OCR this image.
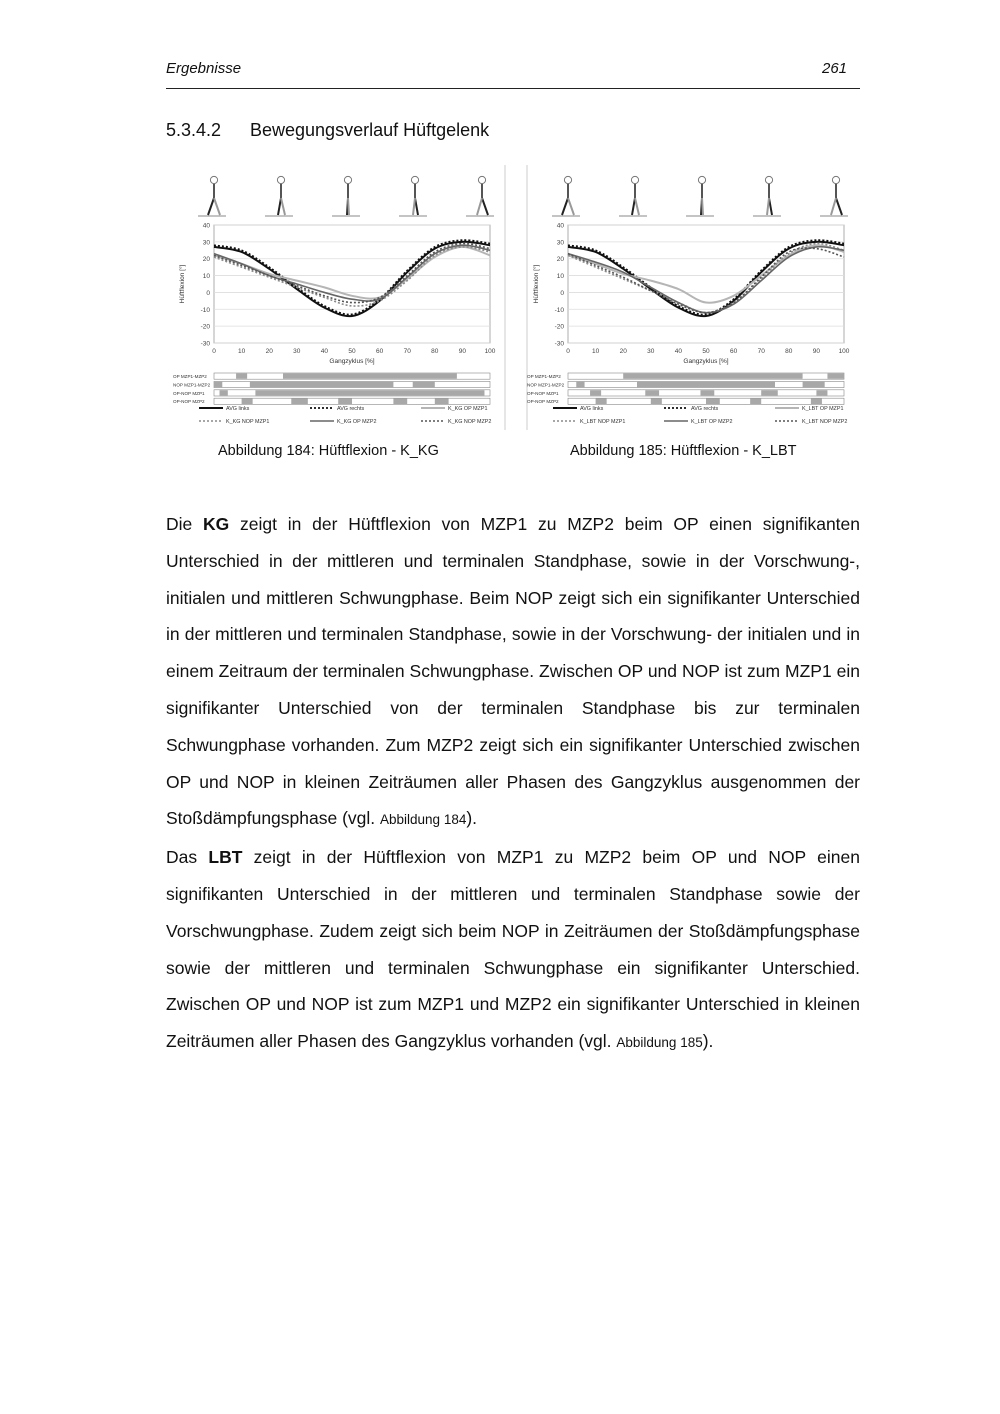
Ergebnisse	261
5.3.4.2 Bewegungsverlauf Hüftgelenk
40
30
20
10
0
-10
-20
-30
0	10	20	30	40	50	60	70	80	90	100
Gangzyklus [%]
Hüftflexion [°]
OP MZP1-MZP2
NOP MZP1-MZP2
OP-NOP MZP1
OP-NOP MZP2
AVG links	AVG rechts	K_KG OP MZP1
K_KG NOP MZP1	K_KG OP MZP2	K_KG NOP MZP2
40
30
20
10
0
-10
-20
-30
0	10	20	30	40	50	60	70	80	90	100
Gangzyklus [%]
Hüftflexion [°]
OP MZP1-MZP2
NOP MZP1-MZP2
OP-NOP MZP1
OP-NOP MZP2
AVG links	AVG rechts	K_LBT OP MZP1
K_LBT NOP MZP1	K_LBT OP MZP2	K_LBT NOP MZP2
Abbildung 184: Hüftflexion - K_KG	Abbildung 185: Hüftflexion - K_LBT

Die KG zeigt in der Hüftflexion von MZP1 zu MZP2 beim OP einen signifikanten Unterschied in der mittleren und terminalen Standphase, sowie in der Vorschwung-, initialen und mittleren Schwungphase. Beim NOP zeigt sich ein signifikanter Unterschied in der mittleren und terminalen Standphase, sowie in der Vorschwung- der initialen und in einem Zeitraum der terminalen Schwungphase. Zwischen OP und NOP ist zum MZP1 ein signifikanter Unterschied von der terminalen Standphase bis zur terminalen Schwungphase vorhanden. Zum MZP2 zeigt sich ein signifikanter Unterschied zwischen OP und NOP in kleinen Zeiträumen aller Phasen des Gangzyklus ausgenommen der Stoßdämpfungsphase (vgl. Abbildung 184).

Das LBT zeigt in der Hüftflexion von MZP1 zu MZP2 beim OP und NOP einen signifikanten Unterschied in der mittleren und terminalen Standphase sowie der Vorschwungphase. Zudem zeigt sich beim NOP in Zeiträumen der Stoßdämpfungsphase sowie der mittleren und terminalen Schwungphase ein signifikanter Unterschied. Zwischen OP und NOP ist zum MZP1 und MZP2 ein signifikanter Unterschied in kleinen Zeiträumen aller Phasen des Gangzyklus vorhanden (vgl. Abbildung 185).
